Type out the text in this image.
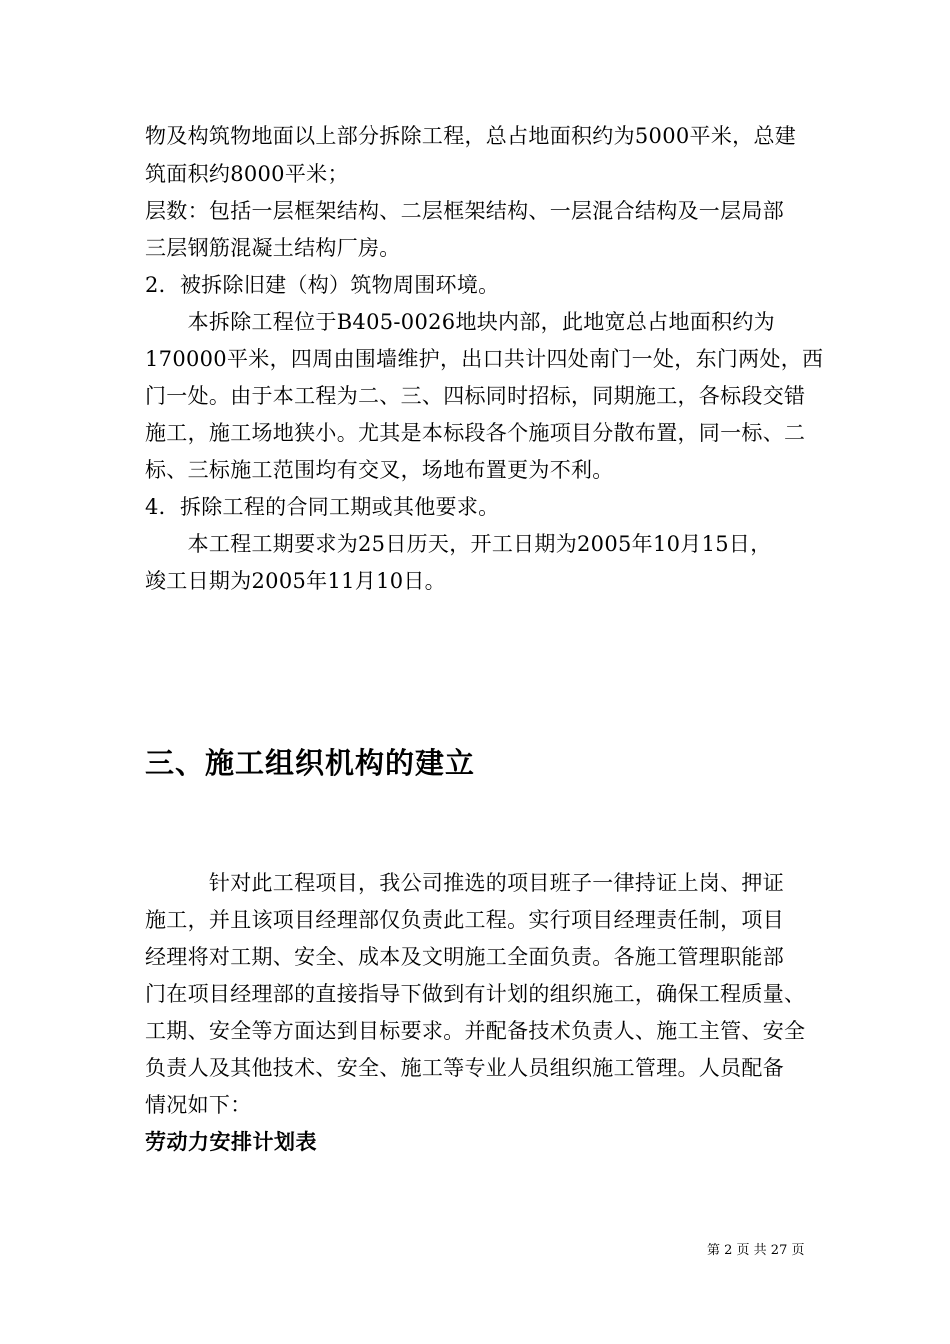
物及构筑物地面以上部分拆除工程，总占地面积约为5000平米，总建
筑面积约8000平米；
层数：包括一层框架结构、二层框架结构、一层混合结构及一层局部
三层钢筋混凝土结构厂房。
2．被拆除旧建（构）筑物周围环境。
　　本拆除工程位于B405-0026地块内部，此地宽总占地面积约为
170000平米，四周由围墙维护，出口共计四处南门一处，东门两处，西
门一处。由于本工程为二、三、四标同时招标，同期施工，各标段交错
施工，施工场地狭小。尤其是本标段各个施项目分散布置，同一标、二
标、三标施工范围均有交叉，场地布置更为不利。
4．拆除工程的合同工期或其他要求。
　　本工程工期要求为25日历天，开工日期为2005年10月15日，
竣工日期为2005年11月10日。
三、施工组织机构的建立
　　　针对此工程项目，我公司推选的项目班子一律持证上岗、押证
施工，并且该项目经理部仅负责此工程。实行项目经理责任制，项目
经理将对工期、安全、成本及文明施工全面负责。各施工管理职能部
门在项目经理部的直接指导下做到有计划的组织施工，确保工程质量、
工期、安全等方面达到目标要求。并配备技术负责人、施工主管、安全
负责人及其他技术、安全、施工等专业人员组织施工管理。人员配备
情况如下：
劳动力安排计划表
第 2 页 共 27 页
